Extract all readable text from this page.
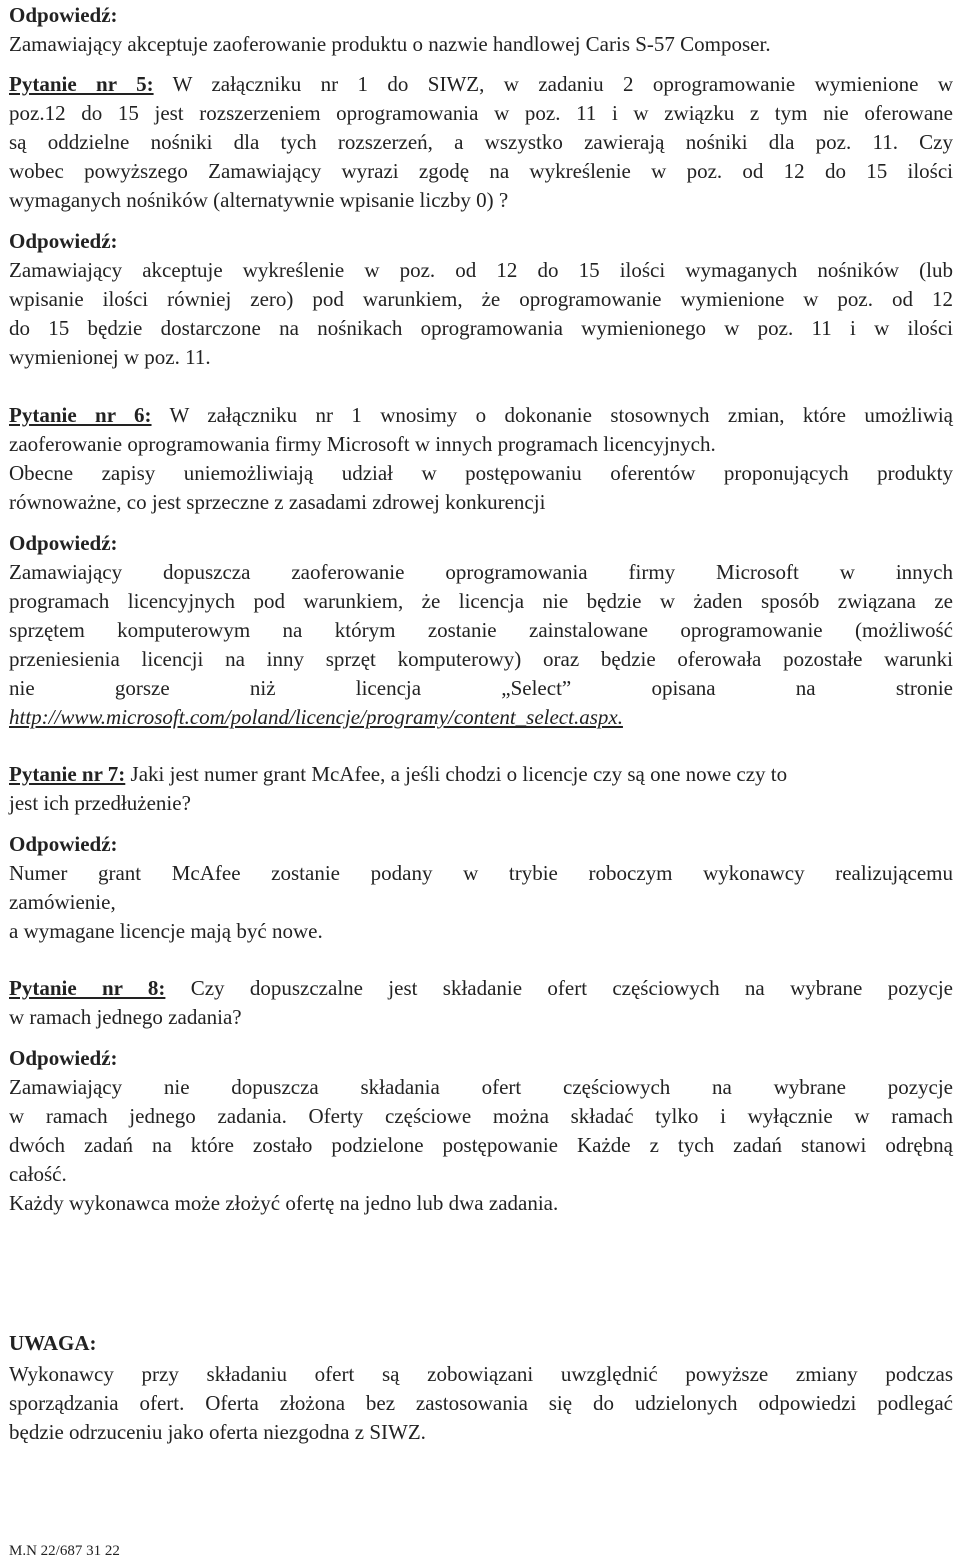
Odpowiedź:
Zamawiający akceptuje zaoferowanie produktu o nazwie handlowej Caris S-57 Composer.
Pytanie nr 5: W załączniku nr 1 do SIWZ, w zadaniu 2 oprogramowanie wymienione w
poz.12 do 15 jest rozszerzeniem oprogramowania w poz. 11 i w związku z tym nie oferowane
są oddzielne nośniki dla tych rozszerzeń, a wszystko zawierają nośniki dla poz. 11. Czy
wobec powyższego Zamawiający wyrazi zgodę na wykreślenie w poz. od 12 do 15 ilości
wymaganych nośników (alternatywnie wpisanie liczby 0) ?
Odpowiedź:
Zamawiający akceptuje wykreślenie w poz. od 12 do 15 ilości wymaganych nośników (lub
wpisanie ilości równiej zero) pod warunkiem, że oprogramowanie wymienione w poz. od 12
do 15 będzie dostarczone na nośnikach oprogramowania wymienionego w poz. 11 i w ilości
wymienionej w poz. 11.
Pytanie nr 6: W załączniku nr 1 wnosimy o dokonanie stosownych zmian, które umożliwią
zaoferowanie oprogramowania firmy Microsoft w innych programach licencyjnych.
Obecne zapisy uniemożliwiają udział w postępowaniu oferentów proponujących produkty
równoważne, co jest sprzeczne z zasadami zdrowej konkurencji
Odpowiedź:
Zamawiający dopuszcza zaoferowanie oprogramowania firmy Microsoft w innych
programach licencyjnych pod warunkiem, że licencja nie będzie w żaden sposób związana ze
sprzętem komputerowym na którym zostanie zainstalowane oprogramowanie (możliwość
przeniesienia licencji na inny sprzęt komputerowy) oraz będzie oferowała pozostałe warunki
nie gorsze niż licencja „Select” opisana na stronie
http://www.microsoft.com/poland/licencje/programy/content_select.aspx.
Pytanie nr 7: Jaki jest numer grant McAfee, a jeśli chodzi o licencje czy są one nowe czy to
jest ich przedłużenie?
Odpowiedź:
Numer grant McAfee zostanie podany w trybie roboczym wykonawcy realizującemu
zamówienie,
a wymagane licencje mają być nowe.
Pytanie nr 8: Czy dopuszczalne jest składanie ofert częściowych na wybrane pozycje
w ramach jednego zadania?
Odpowiedź:
Zamawiający nie dopuszcza składania ofert częściowych na wybrane pozycje
w ramach jednego zadania. Oferty częściowe można składać tylko i wyłącznie w ramach
dwóch zadań na które zostało podzielone postępowanie Każde z tych zadań stanowi odrębną
całość.
Każdy wykonawca może złożyć ofertę na jedno lub dwa zadania.
UWAGA:
Wykonawcy przy składaniu ofert są zobowiązani uwzględnić powyższe zmiany podczas
sporządzania ofert. Oferta złożona bez zastosowania się do udzielonych odpowiedzi podlegać
będzie odrzuceniu jako oferta niezgodna z SIWZ.
M.N 22/687 31 22
